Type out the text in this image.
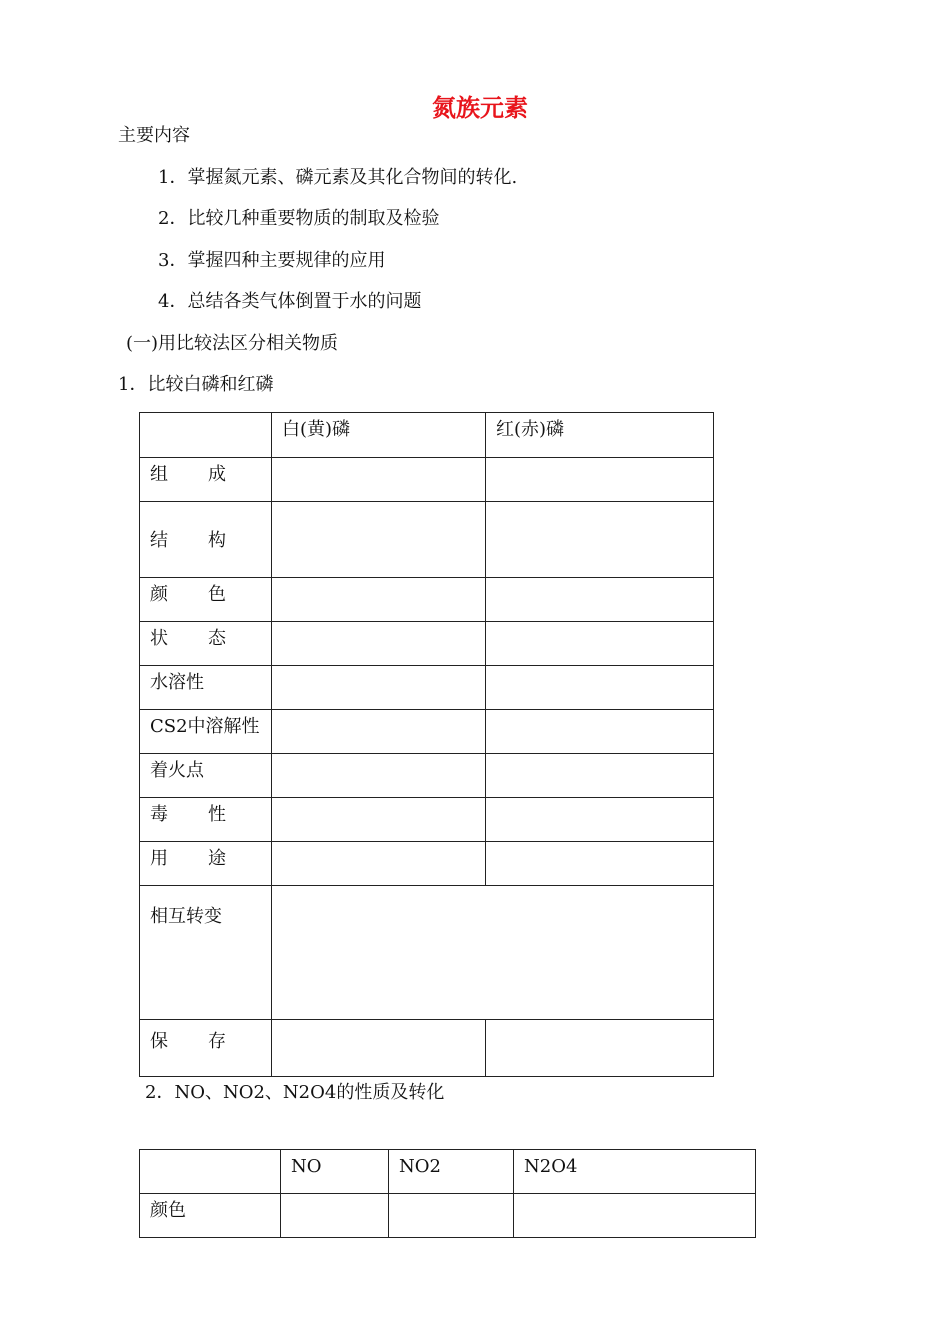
氮族元素
主要内容
1．掌握氮元素、磷元素及其化合物间的转化.
2．比较几种重要物质的制取及检验
3．掌握四种主要规律的应用
4．总结各类气体倒置于水的问题
(一)用比较法区分相关物质
1．比较白磷和红磷

	白(黄)磷	红(赤)磷

组成		

结构		

颜色		

状态		

水溶性		

CS2中溶解性		

着火点		

毒性		

用途		

相互转变		

保存		

2．NO、NO2、N2O4的性质及转化

	NO	NO2	N2O4

颜色			
